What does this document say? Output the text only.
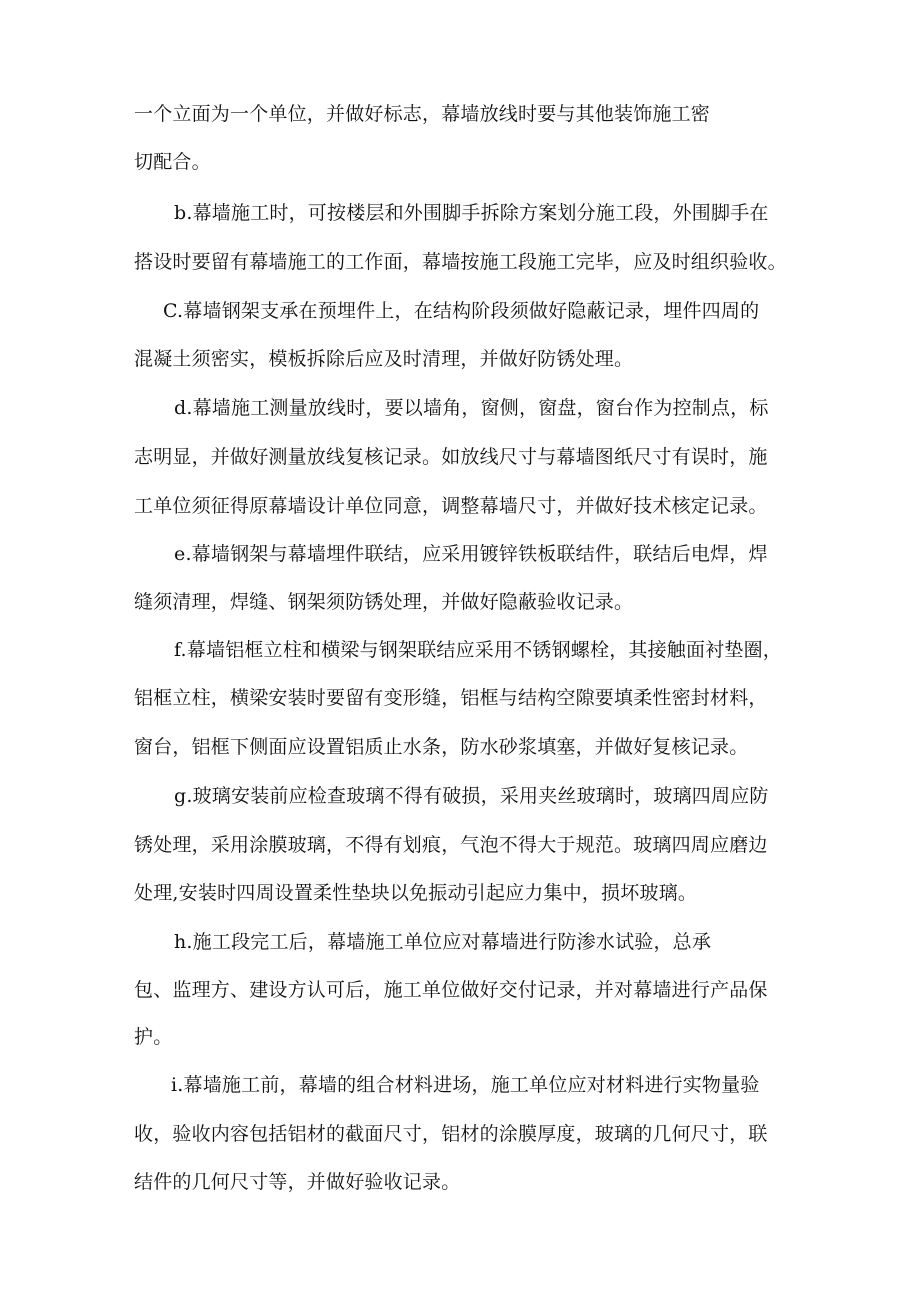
一个立面为一个单位，并做好标志，幕墙放线时要与其他装饰施工密
切配合。
b.幕墙施工时，可按楼层和外围脚手拆除方案划分施工段，外围脚手在
搭设时要留有幕墙施工的工作面，幕墙按施工段施工完毕，应及时组织验收。
C.幕墙钢架支承在预埋件上，在结构阶段须做好隐蔽记录，埋件四周的
混凝土须密实，模板拆除后应及时清理，并做好防锈处理。
d.幕墙施工测量放线时，要以墙角，窗侧，窗盘，窗台作为控制点，标
志明显，并做好测量放线复核记录。如放线尺寸与幕墙图纸尺寸有误时，施
工单位须征得原幕墙设计单位同意，调整幕墙尺寸，并做好技术核定记录。
e.幕墙钢架与幕墙埋件联结，应采用镀锌铁板联结件，联结后电焊，焊
缝须清理，焊缝、钢架须防锈处理，并做好隐蔽验收记录。
f.幕墙铝框立柱和横梁与钢架联结应采用不锈钢螺栓，其接触面衬垫圈，
铝框立柱，横梁安装时要留有变形缝，铝框与结构空隙要填柔性密封材料，
窗台，铝框下侧面应设置铝质止水条，防水砂浆填塞，并做好复核记录。
g.玻璃安装前应检查玻璃不得有破损，采用夹丝玻璃时，玻璃四周应防
锈处理，采用涂膜玻璃，不得有划痕，气泡不得大于规范。玻璃四周应磨边
处理,安装时四周设置柔性垫块以免振动引起应力集中，损坏玻璃。
h.施工段完工后，幕墙施工单位应对幕墙进行防渗水试验，总承
包、监理方、建设方认可后，施工单位做好交付记录，并对幕墙进行产品保
护。
i.幕墙施工前，幕墙的组合材料进场，施工单位应对材料进行实物量验
收，验收内容包括铝材的截面尺寸，铝材的涂膜厚度，玻璃的几何尺寸，联
结件的几何尺寸等，并做好验收记录。
